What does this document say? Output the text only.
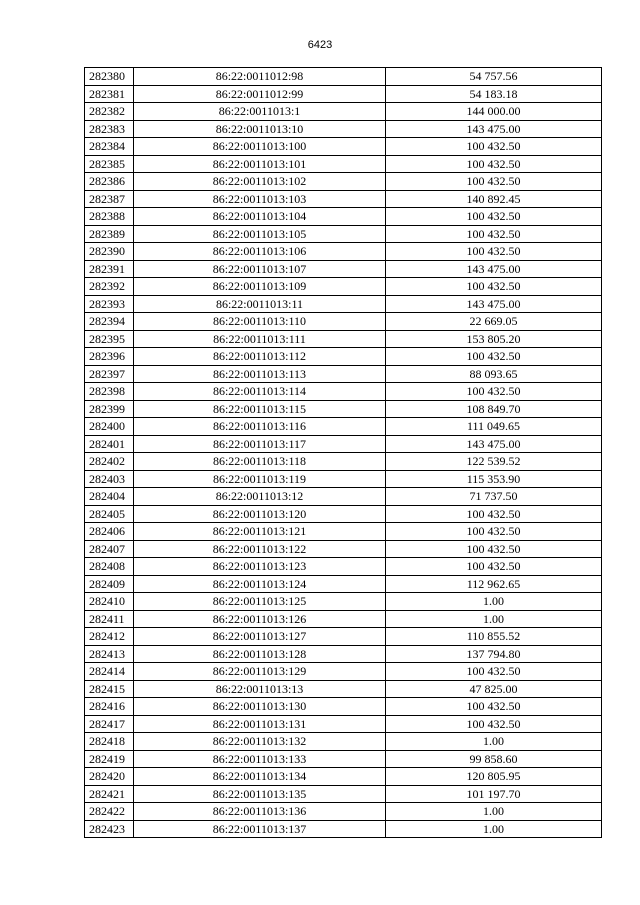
6423
282380	86:22:0011012:98	54 757.56
282381	86:22:0011012:99	54 183.18
282382	86:22:0011013:1	144 000.00
282383	86:22:0011013:10	143 475.00
282384	86:22:0011013:100	100 432.50
282385	86:22:0011013:101	100 432.50
282386	86:22:0011013:102	100 432.50
282387	86:22:0011013:103	140 892.45
282388	86:22:0011013:104	100 432.50
282389	86:22:0011013:105	100 432.50
282390	86:22:0011013:106	100 432.50
282391	86:22:0011013:107	143 475.00
282392	86:22:0011013:109	100 432.50
282393	86:22:0011013:11	143 475.00
282394	86:22:0011013:110	22 669.05
282395	86:22:0011013:111	153 805.20
282396	86:22:0011013:112	100 432.50
282397	86:22:0011013:113	88 093.65
282398	86:22:0011013:114	100 432.50
282399	86:22:0011013:115	108 849.70
282400	86:22:0011013:116	111 049.65
282401	86:22:0011013:117	143 475.00
282402	86:22:0011013:118	122 539.52
282403	86:22:0011013:119	115 353.90
282404	86:22:0011013:12	71 737.50
282405	86:22:0011013:120	100 432.50
282406	86:22:0011013:121	100 432.50
282407	86:22:0011013:122	100 432.50
282408	86:22:0011013:123	100 432.50
282409	86:22:0011013:124	112 962.65
282410	86:22:0011013:125	1.00
282411	86:22:0011013:126	1.00
282412	86:22:0011013:127	110 855.52
282413	86:22:0011013:128	137 794.80
282414	86:22:0011013:129	100 432.50
282415	86:22:0011013:13	47 825.00
282416	86:22:0011013:130	100 432.50
282417	86:22:0011013:131	100 432.50
282418	86:22:0011013:132	1.00
282419	86:22:0011013:133	99 858.60
282420	86:22:0011013:134	120 805.95
282421	86:22:0011013:135	101 197.70
282422	86:22:0011013:136	1.00
282423	86:22:0011013:137	1.00
